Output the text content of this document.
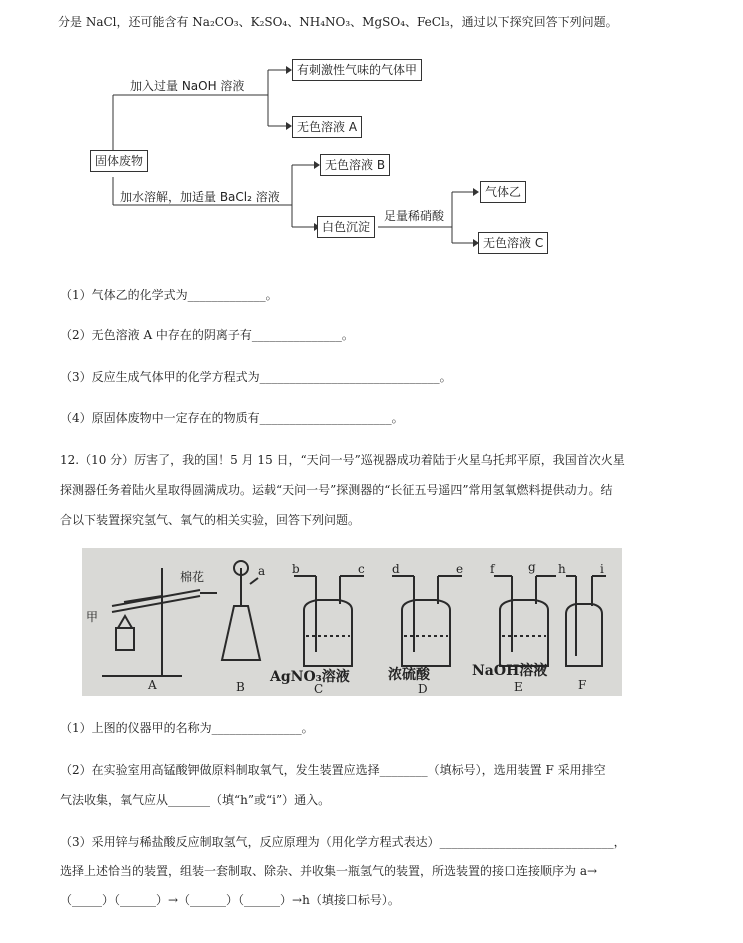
分是 NaCl，还可能含有 Na₂CO₃、K₂SO₄、NH₄NO₃、MgSO₄、FeCl₃，通过以下探究回答下列问题。
加入过量 NaOH 溶液
有刺激性气味的气体甲
无色溶液 A
固体废物
加水溶解，加适量 BaCl₂ 溶液
无色溶液 B
白色沉淀
足量稀硝酸
气体乙
无色溶液 C
（1）气体乙的化学式为_____________。
（2）无色溶液 A 中存在的阴离子有_______________。
（3）反应生成气体甲的化学方程式为______________________________。
（4）原固体废物中一定存在的物质有______________________。
12.（10 分）厉害了，我的国！5 月 15 日，“天问一号”巡视器成功着陆于火星乌托邦平原，我国首次火星
探测器任务着陆火星取得圆满成功。运载“天问一号”探测器的“长征五号遥四”常用氢氧燃料提供动力。结
合以下装置探究氢气、氧气的相关实验，回答下列问题。
棉花
甲
a b	c d	e f	g h	i
AgNO₃溶液	浓硫酸	NaOH溶液
A	B	C	D	E	F
（1）上图的仪器甲的名称为_______________。
（2）在实验室用高锰酸钾做原料制取氧气，发生装置应选择________（填标号），选用装置 F 采用排空
气法收集，氧气应从_______（填“h”或“i”）通入。
（3）采用锌与稀盐酸反应制取氢气，反应原理为（用化学方程式表达）_____________________________，
选择上述恰当的装置，组装一套制取、除杂、并收集一瓶氢气的装置，所选装置的接口连接顺序为 a→
（_____）（______）→（______）（______）→h（填接口标号）。
